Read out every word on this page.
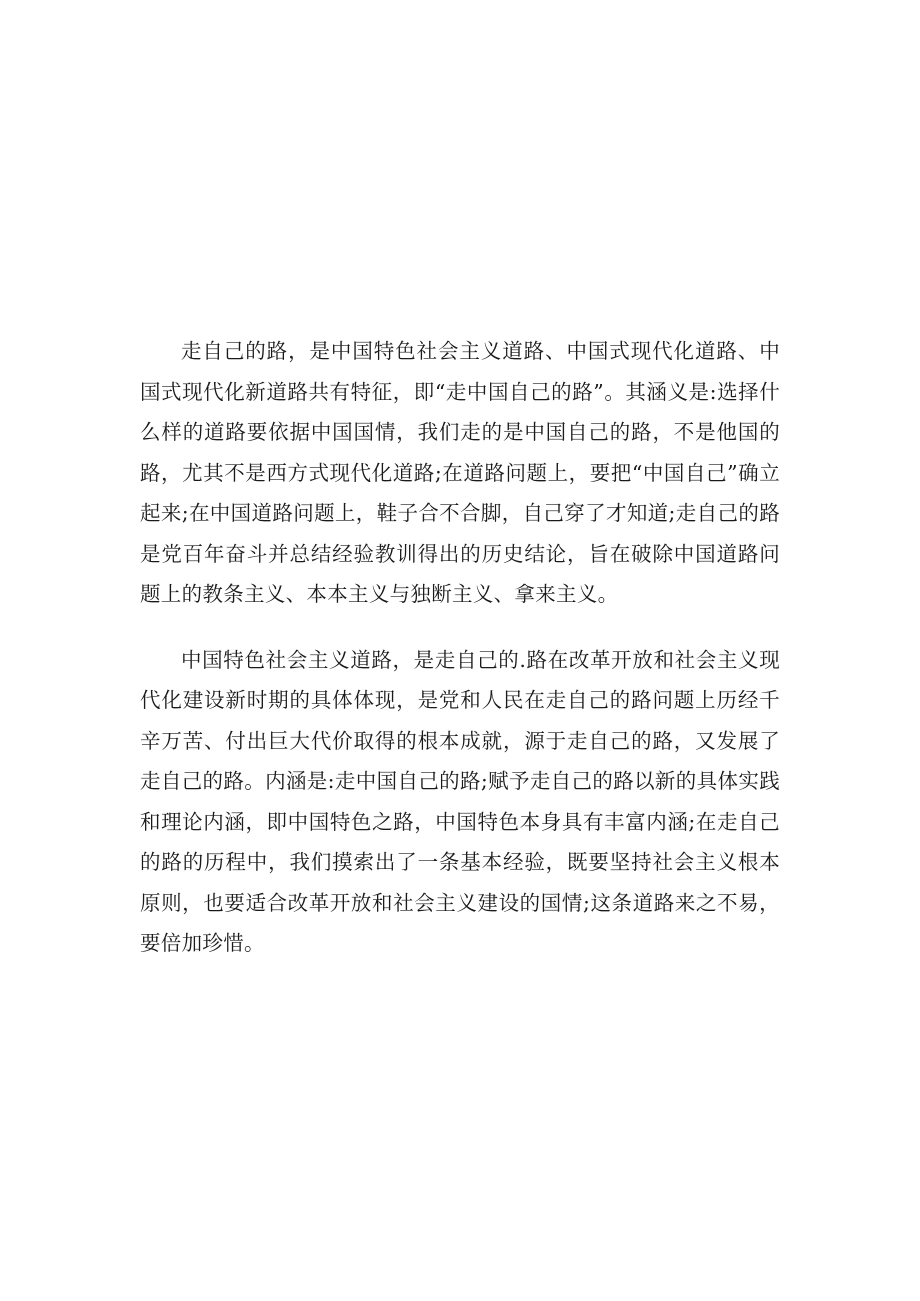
走自己的路，是中国特色社会主义道路、中国式现代化道路、中国式现代化新道路共有特征，即“走中国自己的路”。其涵义是:选择什么样的道路要依据中国国情，我们走的是中国自己的路，不是他国的路，尤其不是西方式现代化道路;在道路问题上，要把“中国自己”确立起来;在中国道路问题上，鞋子合不合脚，自己穿了才知道;走自己的路是党百年奋斗并总结经验教训得出的历史结论，旨在破除中国道路问题上的教条主义、本本主义与独断主义、拿来主义。

中国特色社会主义道路，是走自己的.路在改革开放和社会主义现代化建设新时期的具体体现，是党和人民在走自己的路问题上历经千辛万苦、付出巨大代价取得的根本成就，源于走自己的路，又发展了走自己的路。内涵是:走中国自己的路;赋予走自己的路以新的具体实践和理论内涵，即中国特色之路，中国特色本身具有丰富内涵;在走自己的路的历程中，我们摸索出了一条基本经验，既要坚持社会主义根本原则，也要适合改革开放和社会主义建设的国情;这条道路来之不易，要倍加珍惜。
